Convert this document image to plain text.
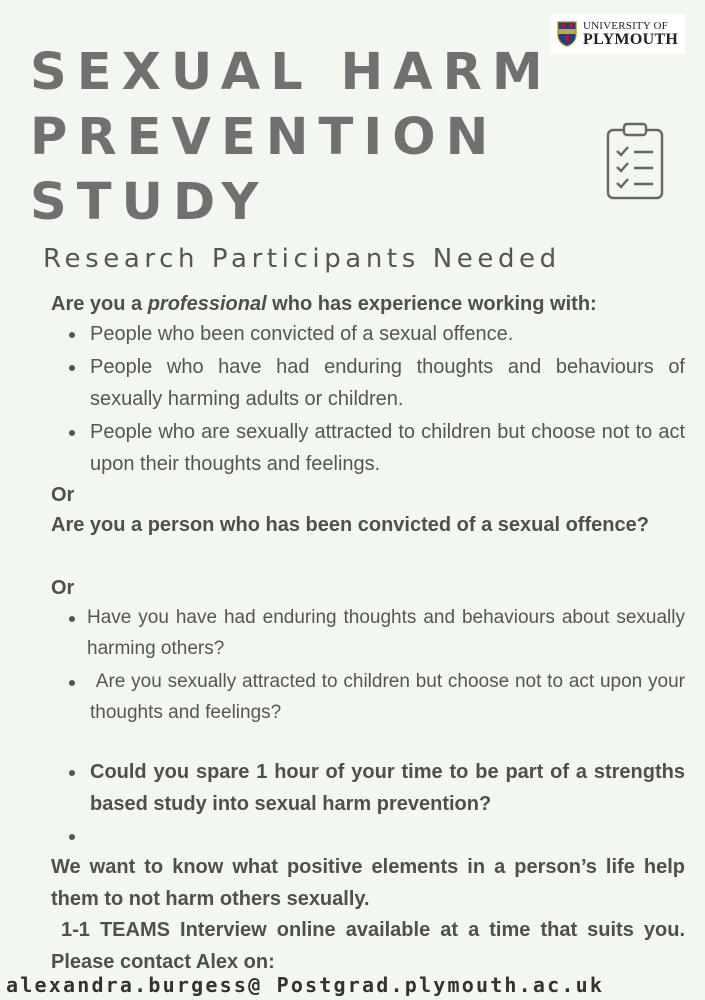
UNIVERSITY OF
PLYMOUTH
SEXUAL HARM
PREVENTION
STUDY
Research Participants Needed

Are you a professional who has experience working with:

People who been convicted of a sexual offence.
People who have had enduring thoughts and behaviours of sexually harming adults or children.
People who are sexually attracted to children but choose not to act upon their thoughts and feelings.

Or

Are you a person who has been convicted of a sexual offence?

Or

Have you have had enduring thoughts and behaviours about sexually harming others?
Are you sexually attracted to children but choose not to act upon your thoughts and feelings?
Could you spare 1 hour of your time to be part of a strengths based study into sexual harm prevention?

We want to know what positive elements in a person’s life help them to not harm others sexually.

1-1 TEAMS Interview online available at a time that suits you. Please contact Alex on:

alexandra.burgess@ Postgrad.plymouth.ac.uk
